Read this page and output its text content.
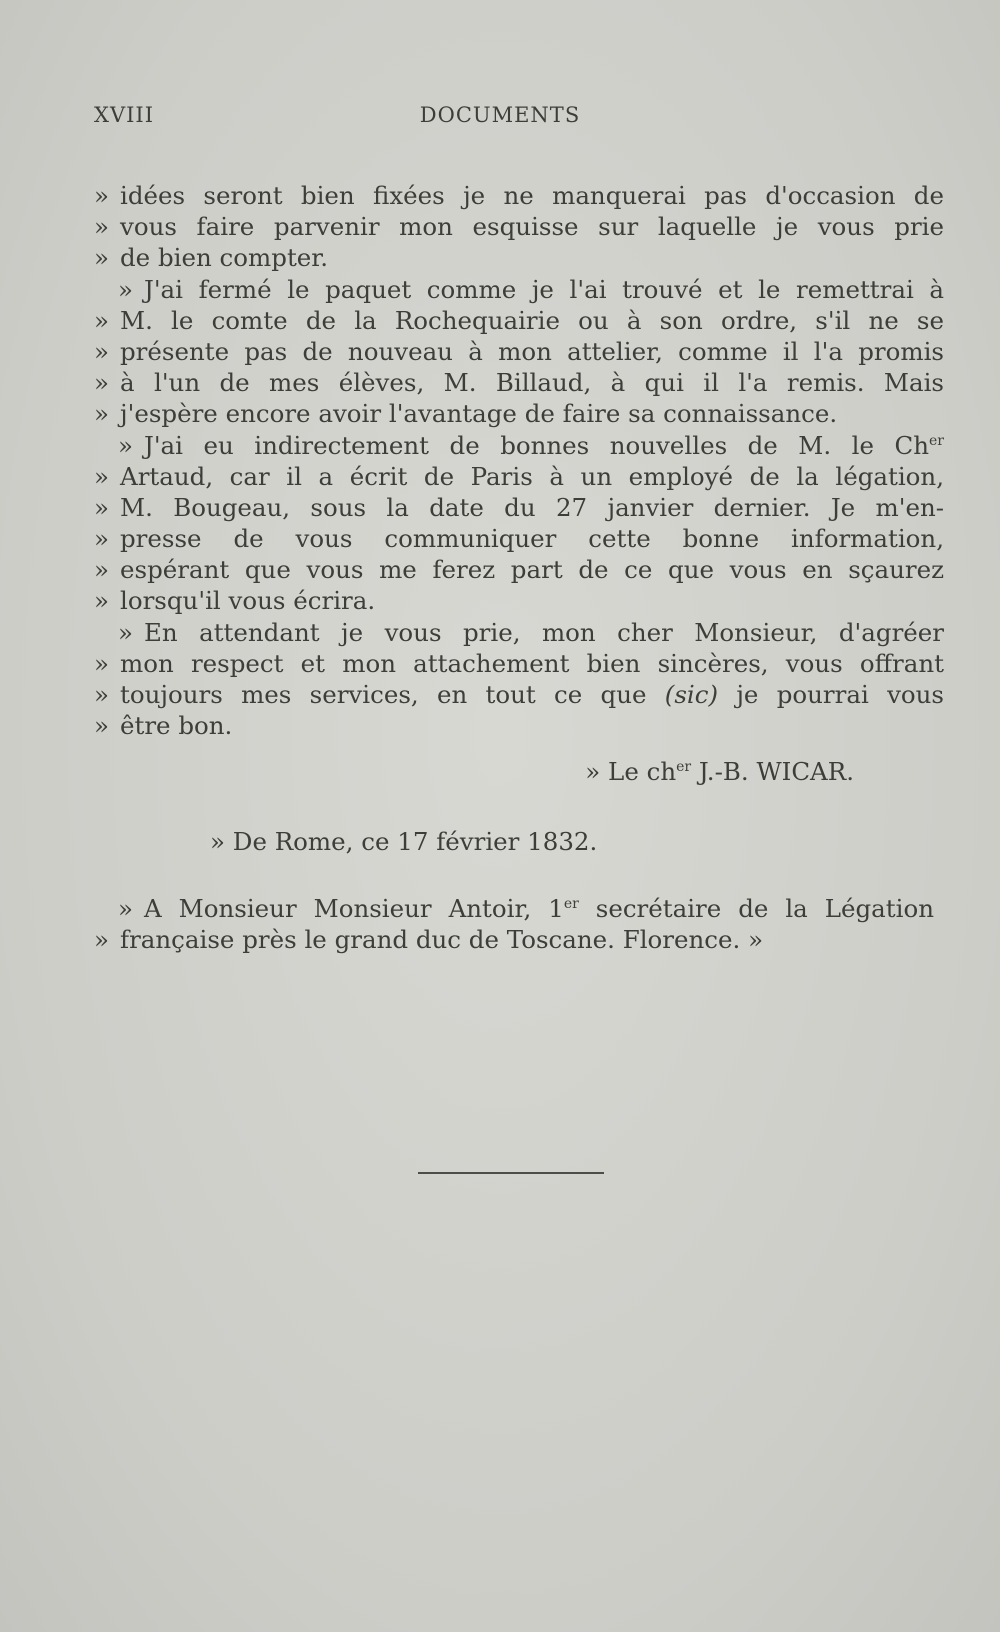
XVIII	DOCUMENTS
» idées seront bien fixées je ne manquerai pas d'occasion de
» vous faire parvenir mon esquisse sur laquelle je vous prie
» de bien compter.
» J'ai fermé le paquet comme je l'ai trouvé et le remettrai à
» M. le comte de la Rochequairie ou à son ordre, s'il ne se
» présente pas de nouveau à mon attelier, comme il l'a promis
» à l'un de mes élèves, M. Billaud, à qui il l'a remis. Mais
» j'espère encore avoir l'avantage de faire sa connaissance.
» J'ai eu indirectement de bonnes nouvelles de M. le $Ch^{er}$
» Artaud, car il a écrit de Paris à un employé de la légation,
» M. Bougeau, sous la date du 27 janvier dernier. Je m'en-
» presse de vous communiquer cette bonne information,
» espérant que vous me ferez part de ce que vous en sçaurez
» lorsqu'il vous écrira.
» En attendant je vous prie, mon cher Monsieur, d'agréer
» mon respect et mon attachement bien sincères, vous offrant
» toujours mes services, en tout ce que (sic) je pourrai vous
» être bon.
» Le $ch^{er}$ J.-B. WICAR.
» De Rome, ce 17 février 1832.
» A Monsieur Monsieur Antoir, 1er secrétaire de la Légation
» française près le grand duc de Toscane. Florence. »
